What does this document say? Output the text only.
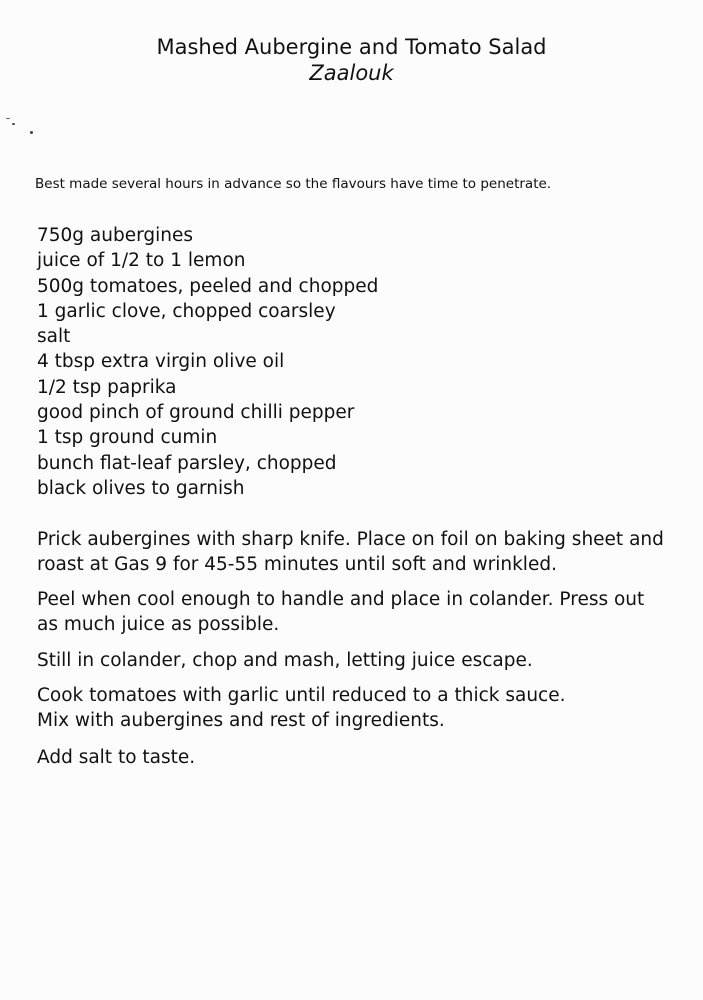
Mashed Aubergine and Tomato Salad
Zaalouk

Best made several hours in advance so the flavours have time to penetrate.

750g aubergines
juice of 1/2 to 1 lemon
500g tomatoes, peeled and chopped
1 garlic clove, chopped coarsley
salt
4 tbsp extra virgin olive oil
1/2 tsp paprika
good pinch of ground chilli pepper
1 tsp ground cumin
bunch flat-leaf parsley, chopped
black olives to garnish

Prick aubergines with sharp knife. Place on foil on baking sheet and roast at Gas 9 for 45-55 minutes until soft and wrinkled.

Peel when cool enough to handle and place in colander. Press out as much juice as possible.

Still in colander, chop and mash, letting juice escape.

Cook tomatoes with garlic until reduced to a thick sauce.

Mix with aubergines and rest of ingredients.

Add salt to taste.
